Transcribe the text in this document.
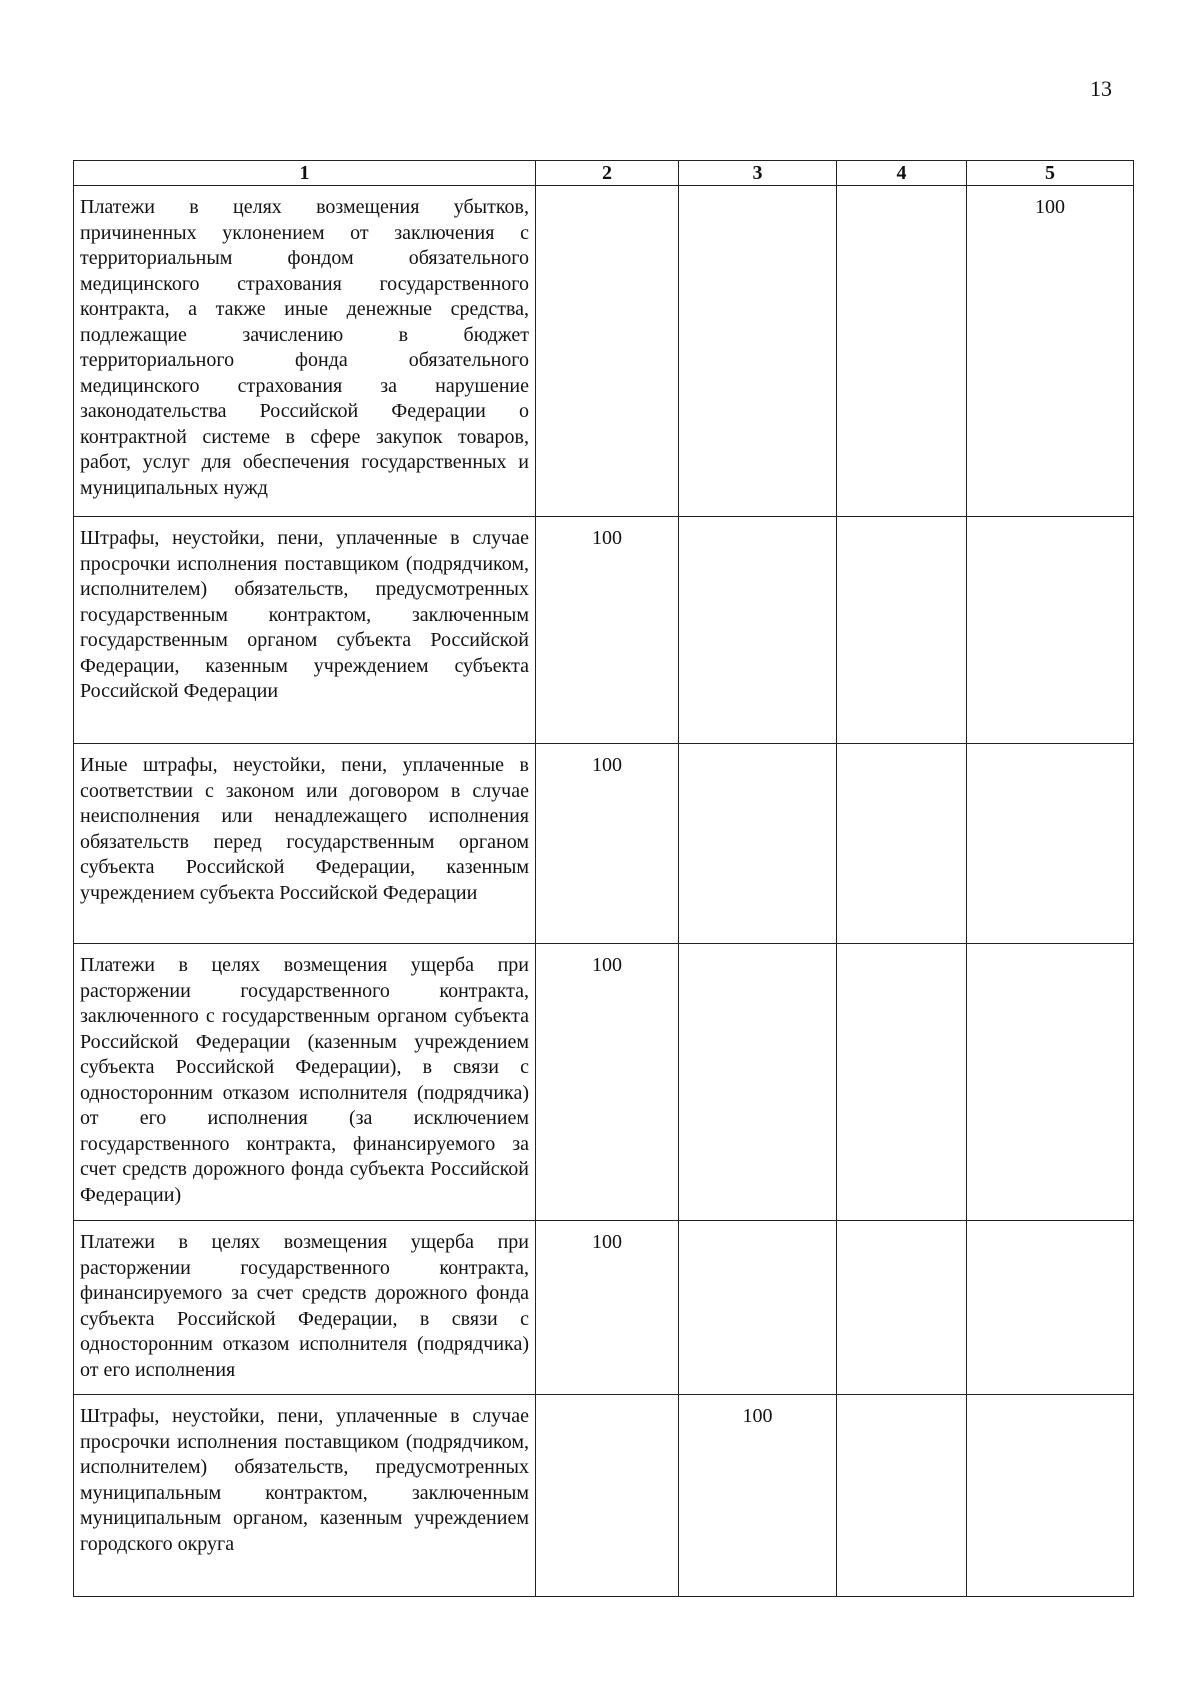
13
1	2	3	4	5
Платежи в целях возмещения убытков, причиненных уклонением от заключения с территориальным фондом обязательного медицинского страхования государственного контракта, а также иные денежные средства, подлежащие зачислению в бюджет территориального фонда обязательного медицинского страхования за нарушение законодательства Российской Федерации о контрактной системе в сфере закупок товаров, работ, услуг для обеспечения государственных и муниципальных нужд				100
Штрафы, неустойки, пени, уплаченные в случае просрочки исполнения поставщиком (подрядчиком, исполнителем) обязательств, предусмотренных государственным контрактом, заключенным государственным органом субъекта Российской Федерации, казенным учреждением субъекта Российской Федерации	100			
Иные штрафы, неустойки, пени, уплаченные в соответствии с законом или договором в случае неисполнения или ненадлежащего исполнения обязательств перед государственным органом субъекта Российской Федерации, казенным учреждением субъекта Российской Федерации	100			
Платежи в целях возмещения ущерба при расторжении государственного контракта, заключенного с государственным органом субъекта Российской Федерации (казенным учреждением субъекта Российской Федерации), в связи с односторонним отказом исполнителя (подрядчика) от его исполнения (за исключением государственного контракта, финансируемого за счет средств дорожного фонда субъекта Российской Федерации)	100			
Платежи в целях возмещения ущерба при расторжении государственного контракта, финансируемого за счет средств дорожного фонда субъекта Российской Федерации, в связи с односторонним отказом исполнителя (подрядчика) от его исполнения	100			
Штрафы, неустойки, пени, уплаченные в случае просрочки исполнения поставщиком (подрядчиком, исполнителем) обязательств, предусмотренных муниципальным контрактом, заключенным муниципальным органом, казенным учреждением городского округа		100		
